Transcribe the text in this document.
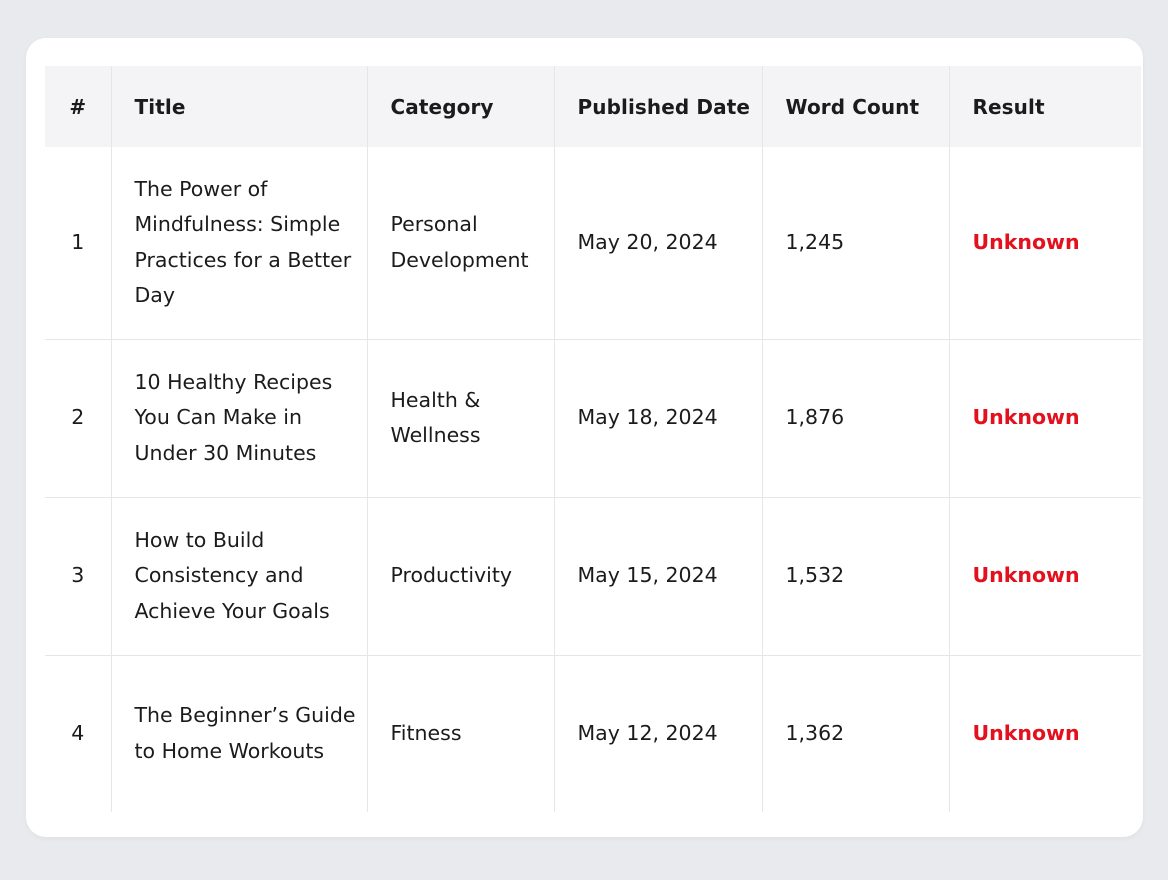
#	Title	Category	Published Date	Word Count	Result
1	The Power of Mindfulness: Simple Practices for a Better Day	Personal Development	May 20, 2024	1,245	Unknown
2	10 Healthy Recipes You Can Make in Under 30 Minutes	Health & Wellness	May 18, 2024	1,876	Unknown
3	How to Build Consistency and Achieve Your Goals	Productivity	May 15, 2024	1,532	Unknown
4	The Beginner’s Guide to Home Workouts	Fitness	May 12, 2024	1,362	Unknown
